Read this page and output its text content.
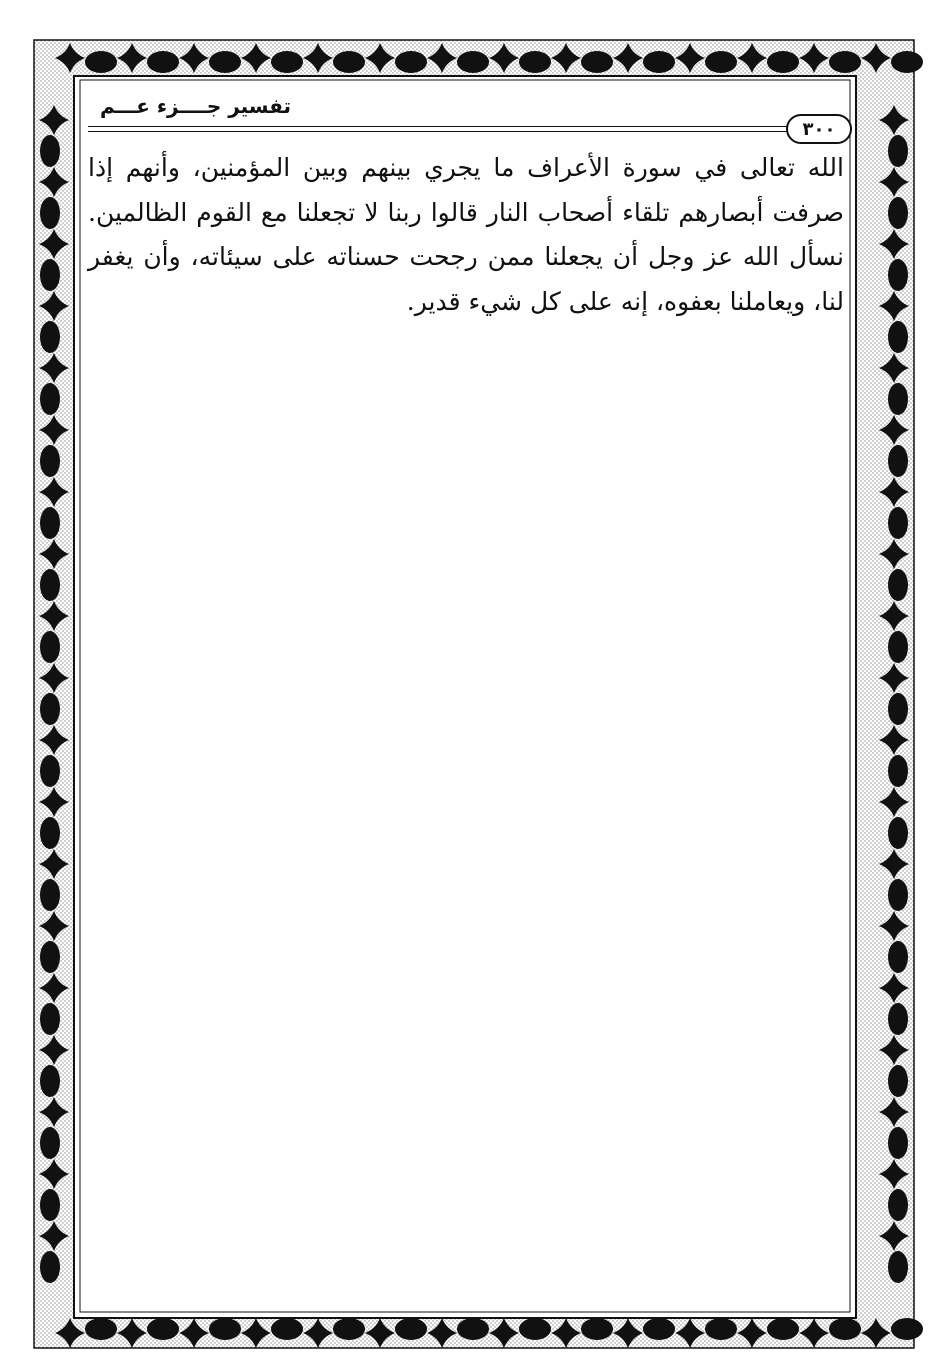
تفسير جــــزء عـــم
٣٠٠

الله تعالى في سورة الأعراف ما يجري بينهم وبين المؤمنين، وأنهم إذا صرفت أبصارهم تلقاء أصحاب النار قالوا ربنا لا تجعلنا مع القوم الظالمين. نسأل الله عز وجل أن يجعلنا ممن رجحت حسناته على سيئاته، وأن يغفر لنا، ويعاملنا بعفوه، إنه على كل شيء قدير.
